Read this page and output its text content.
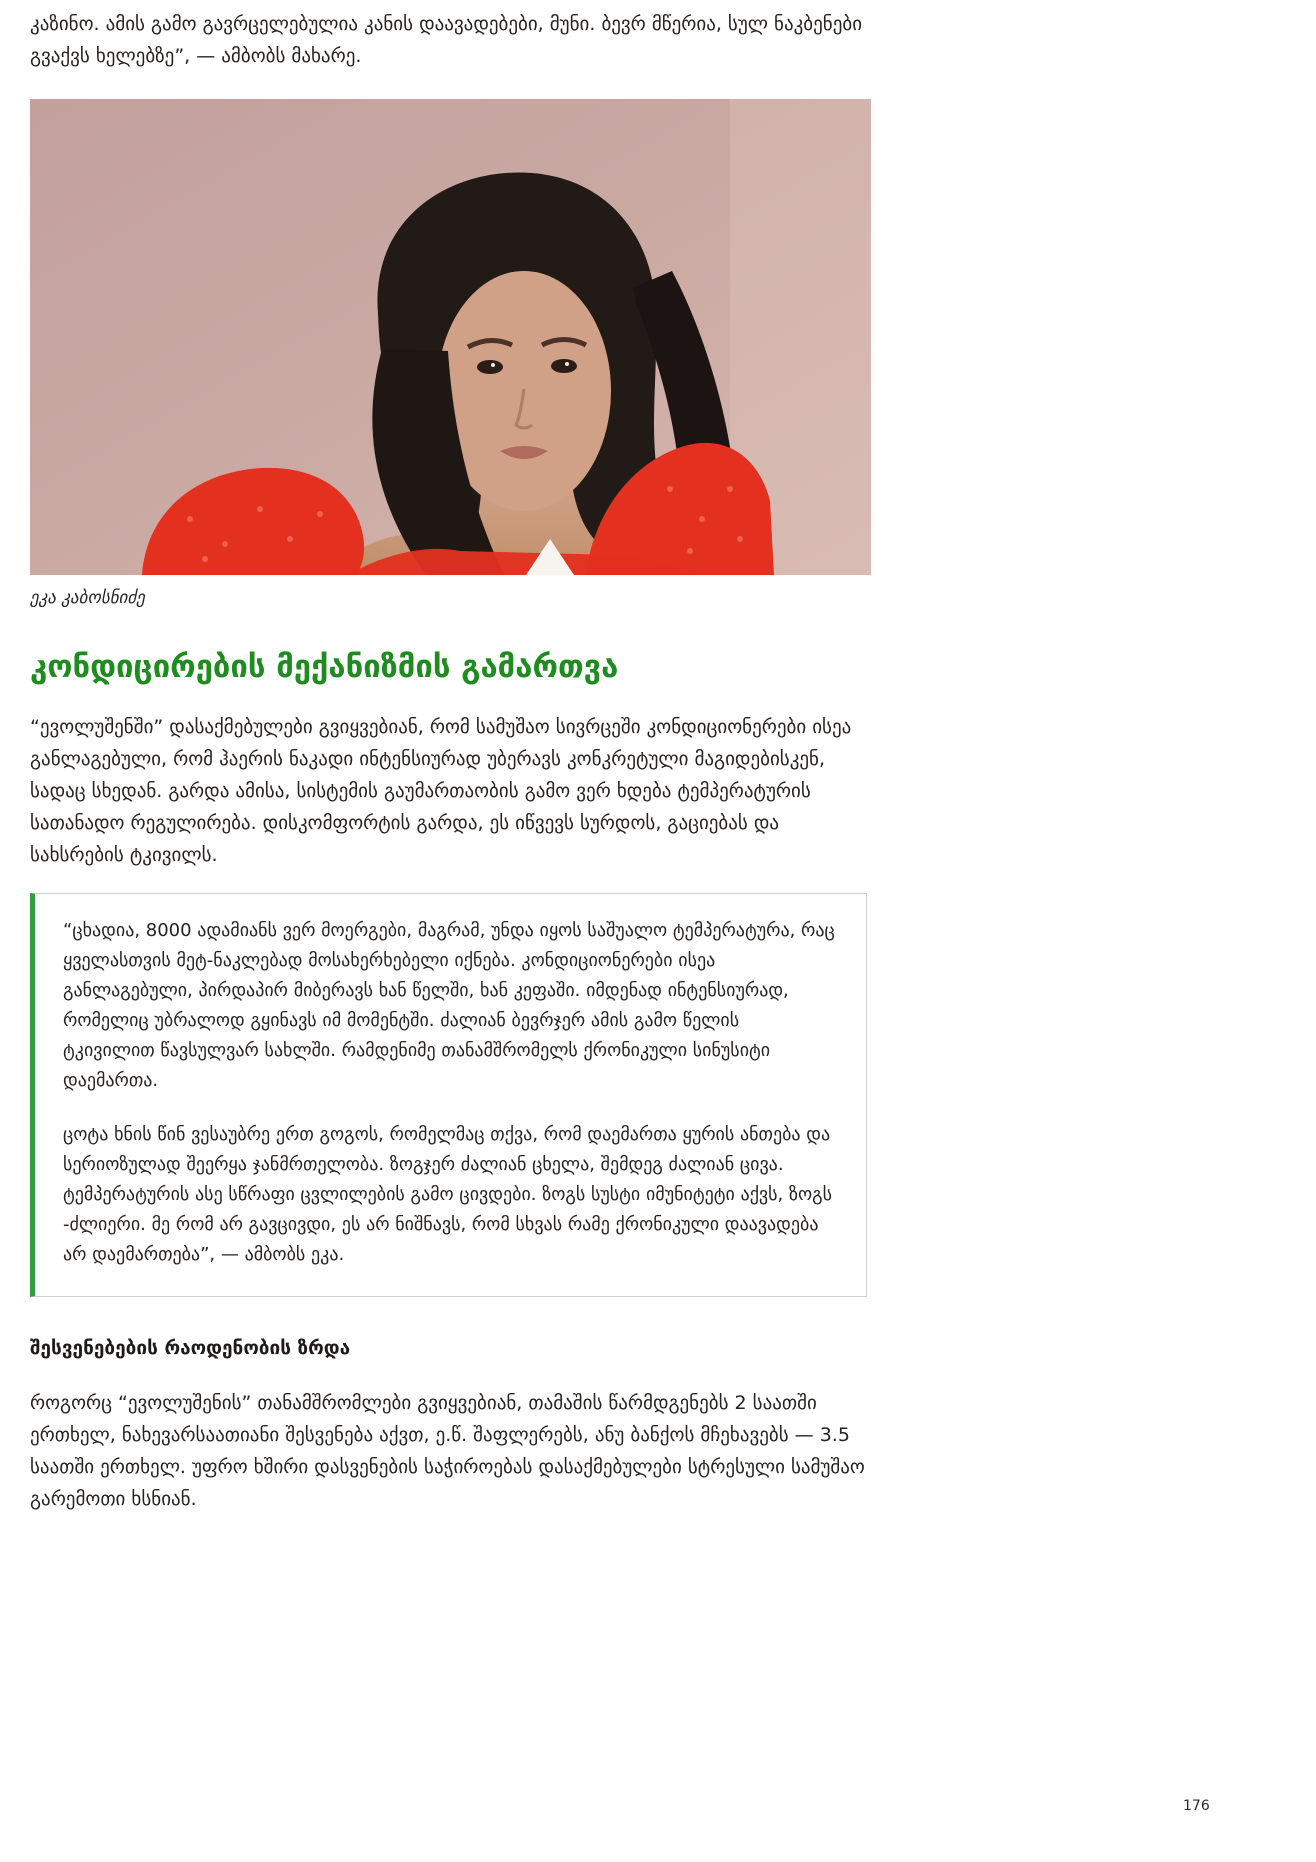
კაზინო. ამის გამო გავრცელებულია კანის დაავადებები, მუნი. ბევრ მწერია, სულ ნაკბენები გვაქვს ხელებზე”, — ამბობს მახარე.

ეკა კაბოსნიძე

კონდიცირების მექანიზმის გამართვა

“ევოლუშენში” დასაქმებულები გვიყვებიან, რომ სამუშაო სივრცეში კონდიციონერები ისეა განლაგებული, რომ ჰაერის ნაკადი ინტენსიურად უბერავს კონკრეტული მაგიდებისკენ, სადაც სხედან. გარდა ამისა, სისტემის გაუმართაობის გამო ვერ ხდება ტემპერატურის სათანადო რეგულირება. დისკომფორტის გარდა, ეს იწვევს სურდოს, გაციებას და სახსრების ტკივილს.

“ცხადია, 8000 ადამიანს ვერ მოერგები, მაგრამ, უნდა იყოს საშუალო ტემპერატურა, რაც ყველასთვის მეტ-ნაკლებად მოსახერხებელი იქნება. კონდიციონერები ისეა განლაგებული, პირდაპირ მიბერავს ხან წელში, ხან კეფაში. იმდენად ინტენსიურად, რომელიც უბრალოდ გყინავს იმ მომენტში. ძალიან ბევრჯერ ამის გამო წელის ტკივილით წავსულვარ სახლში. რამდენიმე თანამშრომელს ქრონიკული სინუსიტი დაემართა.

ცოტა ხნის წინ ვესაუბრე ერთ გოგოს, რომელმაც თქვა, რომ დაემართა ყურის ანთება და სერიოზულად შეერყა ჯანმრთელობა. ზოგჯერ ძალიან ცხელა, შემდეგ ძალიან ცივა. ტემპერატურის ასე სწრაფი ცვლილების გამო ცივდები. ზოგს სუსტი იმუნიტეტი აქვს, ზოგს -ძლიერი. მე რომ არ გავცივდი, ეს არ ნიშნავს, რომ სხვას რამე ქრონიკული დაავადება არ დაემართება”, — ამბობს ეკა.

შესვენებების რაოდენობის ზრდა

როგორც “ევოლუშენის” თანამშრომლები გვიყვებიან, თამაშის წარმდგენებს 2 საათში ერთხელ, ნახევარსაათიანი შესვენება აქვთ, ე.წ. შაფლერებს, ანუ ბანქოს მჩეხავებს — 3.5 საათში ერთხელ. უფრო ხშირი დასვენების საჭიროებას დასაქმებულები სტრესული სამუშაო გარემოთი ხსნიან.

176
